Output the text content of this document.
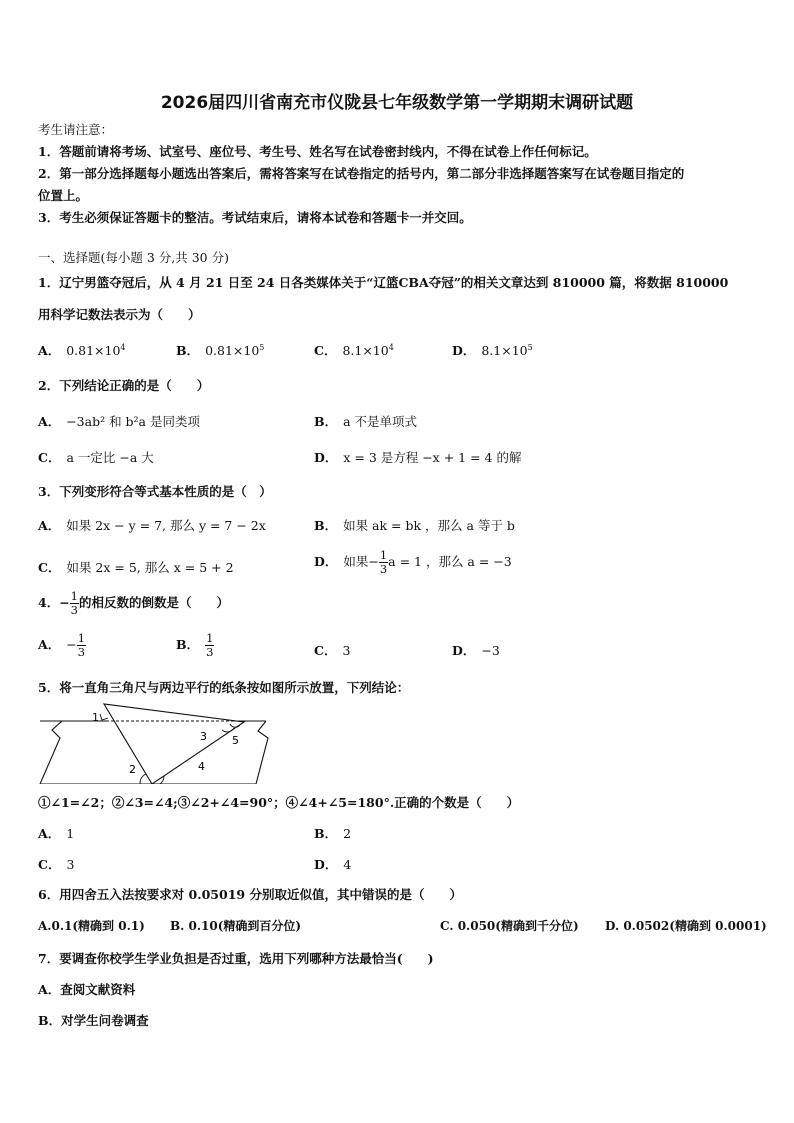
2026届四川省南充市仪陇县七年级数学第一学期期末调研试题
考生请注意：
1．答题前请将考场、试室号、座位号、考生号、姓名写在试卷密封线内，不得在试卷上作任何标记。
2．第一部分选择题每小题选出答案后，需将答案写在试卷指定的括号内，第二部分非选择题答案写在试卷题目指定的
位置上。
3．考生必须保证答题卡的整洁。考试结束后，请将本试卷和答题卡一并交回。
一、选择题(每小题 3 分,共 30 分)
1．辽宁男篮夺冠后，从 4 月 21 日至 24 日各类媒体关于“辽篮CBA夺冠”的相关文章达到 810000 篇，将数据 810000
用科学记数法表示为（　　）
A． $0.81\times 10^4$	B． $0.81\times 10^5$	C． $8.1\times 10^4$	D． $8.1\times 10^5$
2．下列结论正确的是（　　）
A． −3ab² 和 b²a 是同类项	B． a 不是单项式
C． a 一定比 −a 大	D． x = 3 是方程 −x + 1 = 4 的解
3．下列变形符合等式基本性质的是（　）
A． 如果 2x − y = 7, 那么 y = 7 − 2x	B． 如果 ak = bk ，那么 a 等于 b
C． 如果 2x = 5, 那么 x = 5 + 2	D． 如果− $\frac{1}{3}$ a = 1 ，那么 a = −3
4．− $\frac{1}{3}$ 的相反数的倒数是（　　）
A． − $\frac{1}{3}$	B． $\frac{1}{3}$	C． 3	D． −3
5．将一直角三角尺与两边平行的纸条按如图所示放置，下列结论：
1
2
3
4
5
①∠1=∠2；②∠3=∠4;③∠2+∠4=90°；④∠4+∠5=180°.正确的个数是（　　）
A． 1	B． 2
C． 3	D． 4
6．用四舍五入法按要求对 0.05019 分别取近似值，其中错误的是（　　）
A.0.1(精确到 0.1) B. 0.10(精确到百分位)	C. 0.050(精确到千分位) D. 0.0502(精确到 0.0001)
7．要调查你校学生学业负担是否过重，选用下列哪种方法最恰当(　　)
A．查阅文献资料
B．对学生问卷调查
